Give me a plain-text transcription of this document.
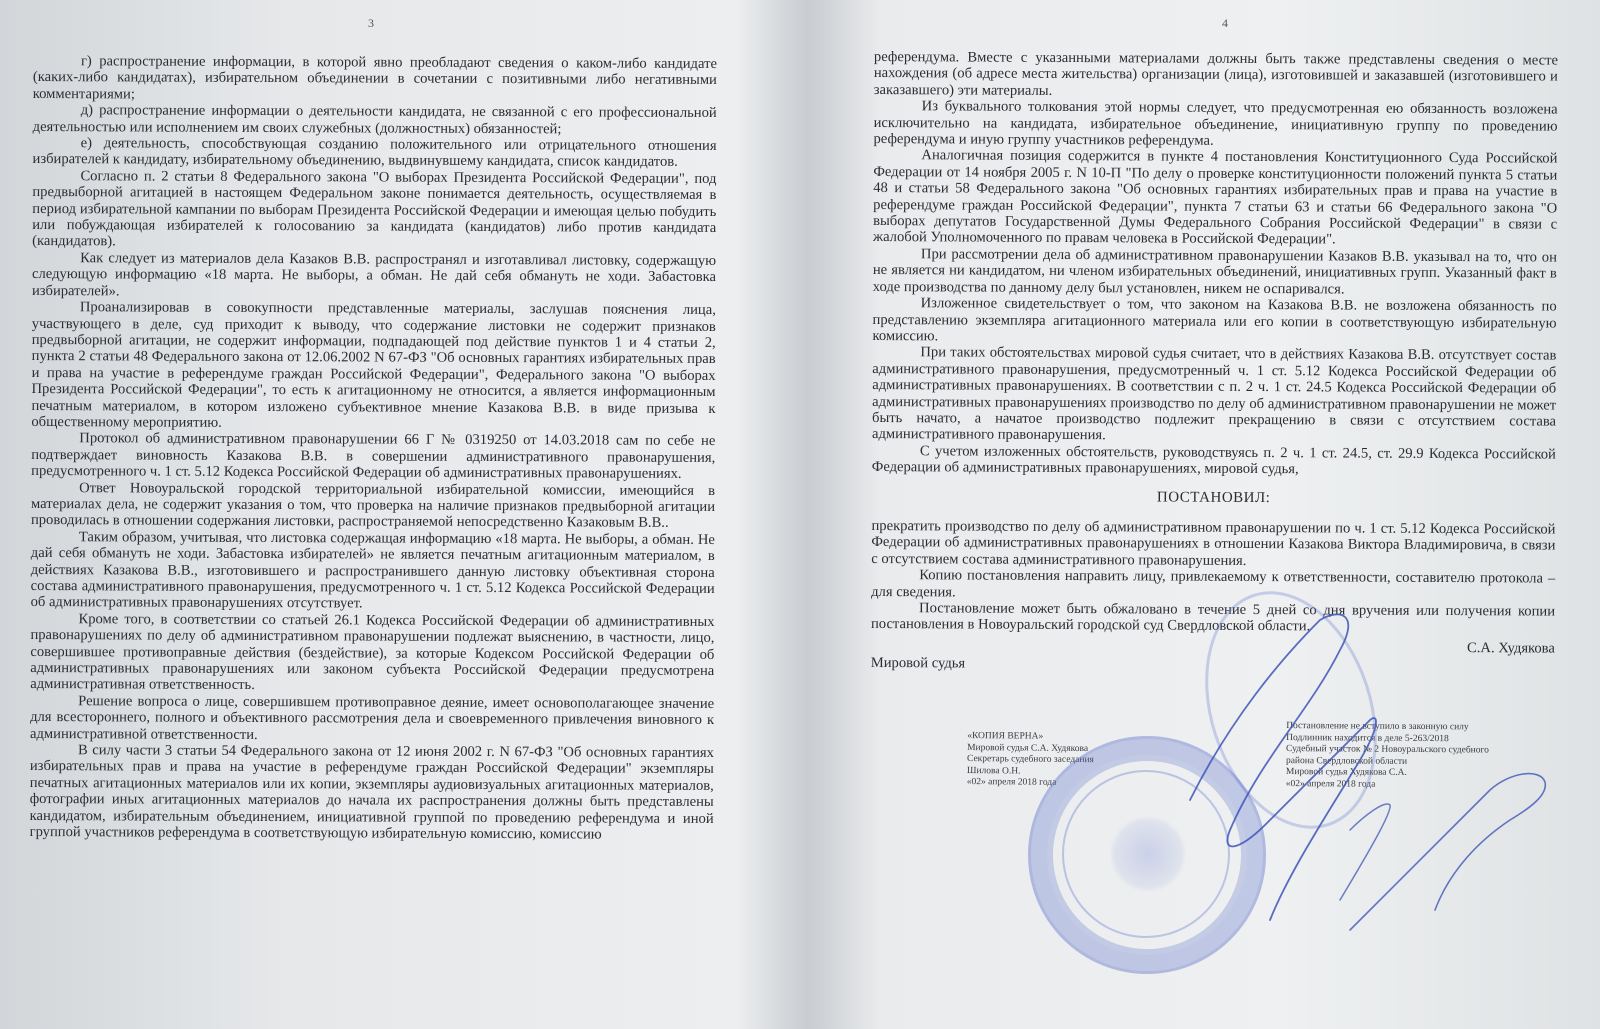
3

г) распространение информации, в которой явно преобладают сведения о каком-либо кандидате (каких-либо кандидатах), избирательном объединении в сочетании с позитивными либо негативными комментариями;

д) распространение информации о деятельности кандидата, не связанной с его профессиональной деятельностью или исполнением им своих служебных (должностных) обязанностей;

е) деятельность, способствующая созданию положительного или отрицательного отношения избирателей к кандидату, избирательному объединению, выдвинувшему кандидата, список кандидатов.

Согласно п. 2 статьи 8 Федерального закона "О выборах Президента Российской Федерации", под предвыборной агитацией в настоящем Федеральном законе понимается деятельность, осуществляемая в период избирательной кампании по выборам Президента Российской Федерации и имеющая целью побудить или побуждающая избирателей к голосованию за кандидата (кандидатов) либо против кандидата (кандидатов).

Как следует из материалов дела Казаков В.В. распространял и изготавливал листовку, содержащую следующую информацию «18 марта. Не выборы, а обман. Не дай себя обмануть не ходи. Забастовка избирателей».

Проанализировав в совокупности представленные материалы, заслушав пояснения лица, участвующего в деле, суд приходит к выводу, что содержание листовки не содержит признаков предвыборной агитации, не содержит информации, подпадающей под действие пунктов 1 и 4 статьи 2, пункта 2 статьи 48 Федерального закона от 12.06.2002 N 67-ФЗ "Об основных гарантиях избирательных прав и права на участие в референдуме граждан Российской Федерации", Федерального закона "О выборах Президента Российской Федерации", то есть к агитационному не относится, а является информационным печатным материалом, в котором изложено субъективное мнение Казакова В.В. в виде призыва к общественному мероприятию.

Протокол об административном правонарушении 66 Г № 0319250 от 14.03.2018 сам по себе не подтверждает виновность Казакова В.В. в совершении административного правонарушения, предусмотренного ч. 1 ст. 5.12 Кодекса Российской Федерации об административных правонарушениях.

Ответ Новоуральской городской территориальной избирательной комиссии, имеющийся в материалах дела, не содержит указания о том, что проверка на наличие признаков предвыборной агитации проводилась в отношении содержания листовки, распространяемой непосредственно Казаковым В.В..

Таким образом, учитывая, что листовка содержащая информацию «18 марта. Не выборы, а обман. Не дай себя обмануть не ходи. Забастовка избирателей» не является печатным агитационным материалом, в действиях Казакова В.В., изготовившего и распространившего данную листовку объективная сторона состава административного правонарушения, предусмотренного ч. 1 ст. 5.12 Кодекса Российской Федерации об административных правонарушениях отсутствует.

Кроме того, в соответствии со статьей 26.1 Кодекса Российской Федерации об административных правонарушениях по делу об административном правонарушении подлежат выяснению, в частности, лицо, совершившее противоправные действия (бездействие), за которые Кодексом Российской Федерации об административных правонарушениях или законом субъекта Российской Федерации предусмотрена административная ответственность.

Решение вопроса о лице, совершившем противоправное деяние, имеет основополагающее значение для всестороннего, полного и объективного рассмотрения дела и своевременного привлечения виновного к административной ответственности.

В силу части 3 статьи 54 Федерального закона от 12 июня 2002 г. N 67-ФЗ "Об основных гарантиях избирательных прав и права на участие в референдуме граждан Российской Федерации" экземпляры печатных агитационных материалов или их копии, экземпляры аудиовизуальных агитационных материалов, фотографии иных агитационных материалов до начала их распространения должны быть представлены кандидатом, избирательным объединением, инициативной группой по проведению референдума и иной группой участников референдума в соответствующую избирательную комиссию, комиссию

4

референдума. Вместе с указанными материалами должны быть также представлены сведения о месте нахождения (об адресе места жительства) организации (лица), изготовившей и заказавшей (изготовившего и заказавшего) эти материалы.

Из буквального толкования этой нормы следует, что предусмотренная ею обязанность возложена исключительно на кандидата, избирательное объединение, инициативную группу по проведению референдума и иную группу участников референдума.

Аналогичная позиция содержится в пункте 4 постановления Конституционного Суда Российской Федерации от 14 ноября 2005 г. N 10-П "По делу о проверке конституционности положений пункта 5 статьи 48 и статьи 58 Федерального закона "Об основных гарантиях избирательных прав и права на участие в референдуме граждан Российской Федерации", пункта 7 статьи 63 и статьи 66 Федерального закона "О выборах депутатов Государственной Думы Федерального Собрания Российской Федерации" в связи с жалобой Уполномоченного по правам человека в Российской Федерации".

При рассмотрении дела об административном правонарушении Казаков В.В. указывал на то, что он не является ни кандидатом, ни членом избирательных объединений, инициативных групп. Указанный факт в ходе производства по данному делу был установлен, никем не оспаривался.

Изложенное свидетельствует о том, что законом на Казакова В.В. не возложена обязанность по представлению экземпляра агитационного материала или его копии в соответствующую избирательную комиссию.

При таких обстоятельствах мировой судья считает, что в действиях Казакова В.В. отсутствует состав административного правонарушения, предусмотренный ч. 1 ст. 5.12 Кодекса Российской Федерации об административных правонарушениях. В соответствии с п. 2 ч. 1 ст. 24.5 Кодекса Российской Федерации об административных правонарушениях производство по делу об административном правонарушении не может быть начато, а начатое производство подлежит прекращению в связи с отсутствием состава административного правонарушения.

С учетом изложенных обстоятельств, руководствуясь п. 2 ч. 1 ст. 24.5, ст. 29.9 Кодекса Российской Федерации об административных правонарушениях, мировой судья,

ПОСТАНОВИЛ:

прекратить производство по делу об административном правонарушении по ч. 1 ст. 5.12 Кодекса Российской Федерации об административных правонарушениях в отношении Казакова Виктора Владимировича, в связи с отсутствием состава административного правонарушения.

Копию постановления направить лицу, привлекаемому к ответственности, составителю протокола – для сведения.

Постановление может быть обжаловано в течение 5 дней со дня вручения или получения копии постановления в Новоуральский городской суд Свердловской области.

Мировой судья
С.А. Худякова
«КОПИЯ ВЕРНА»
Мировой судья С.А. Худякова
Секретарь судебного заседания
Шилова О.Н.
«02» апреля 2018 года
Постановление не вступило в законную силу
Подлинник находится в деле 5-263/2018
Судебный участок № 2 Новоуральского судебного
района Свердловской области
Мировой судья Худякова С.А.
«02» апреля 2018 года
